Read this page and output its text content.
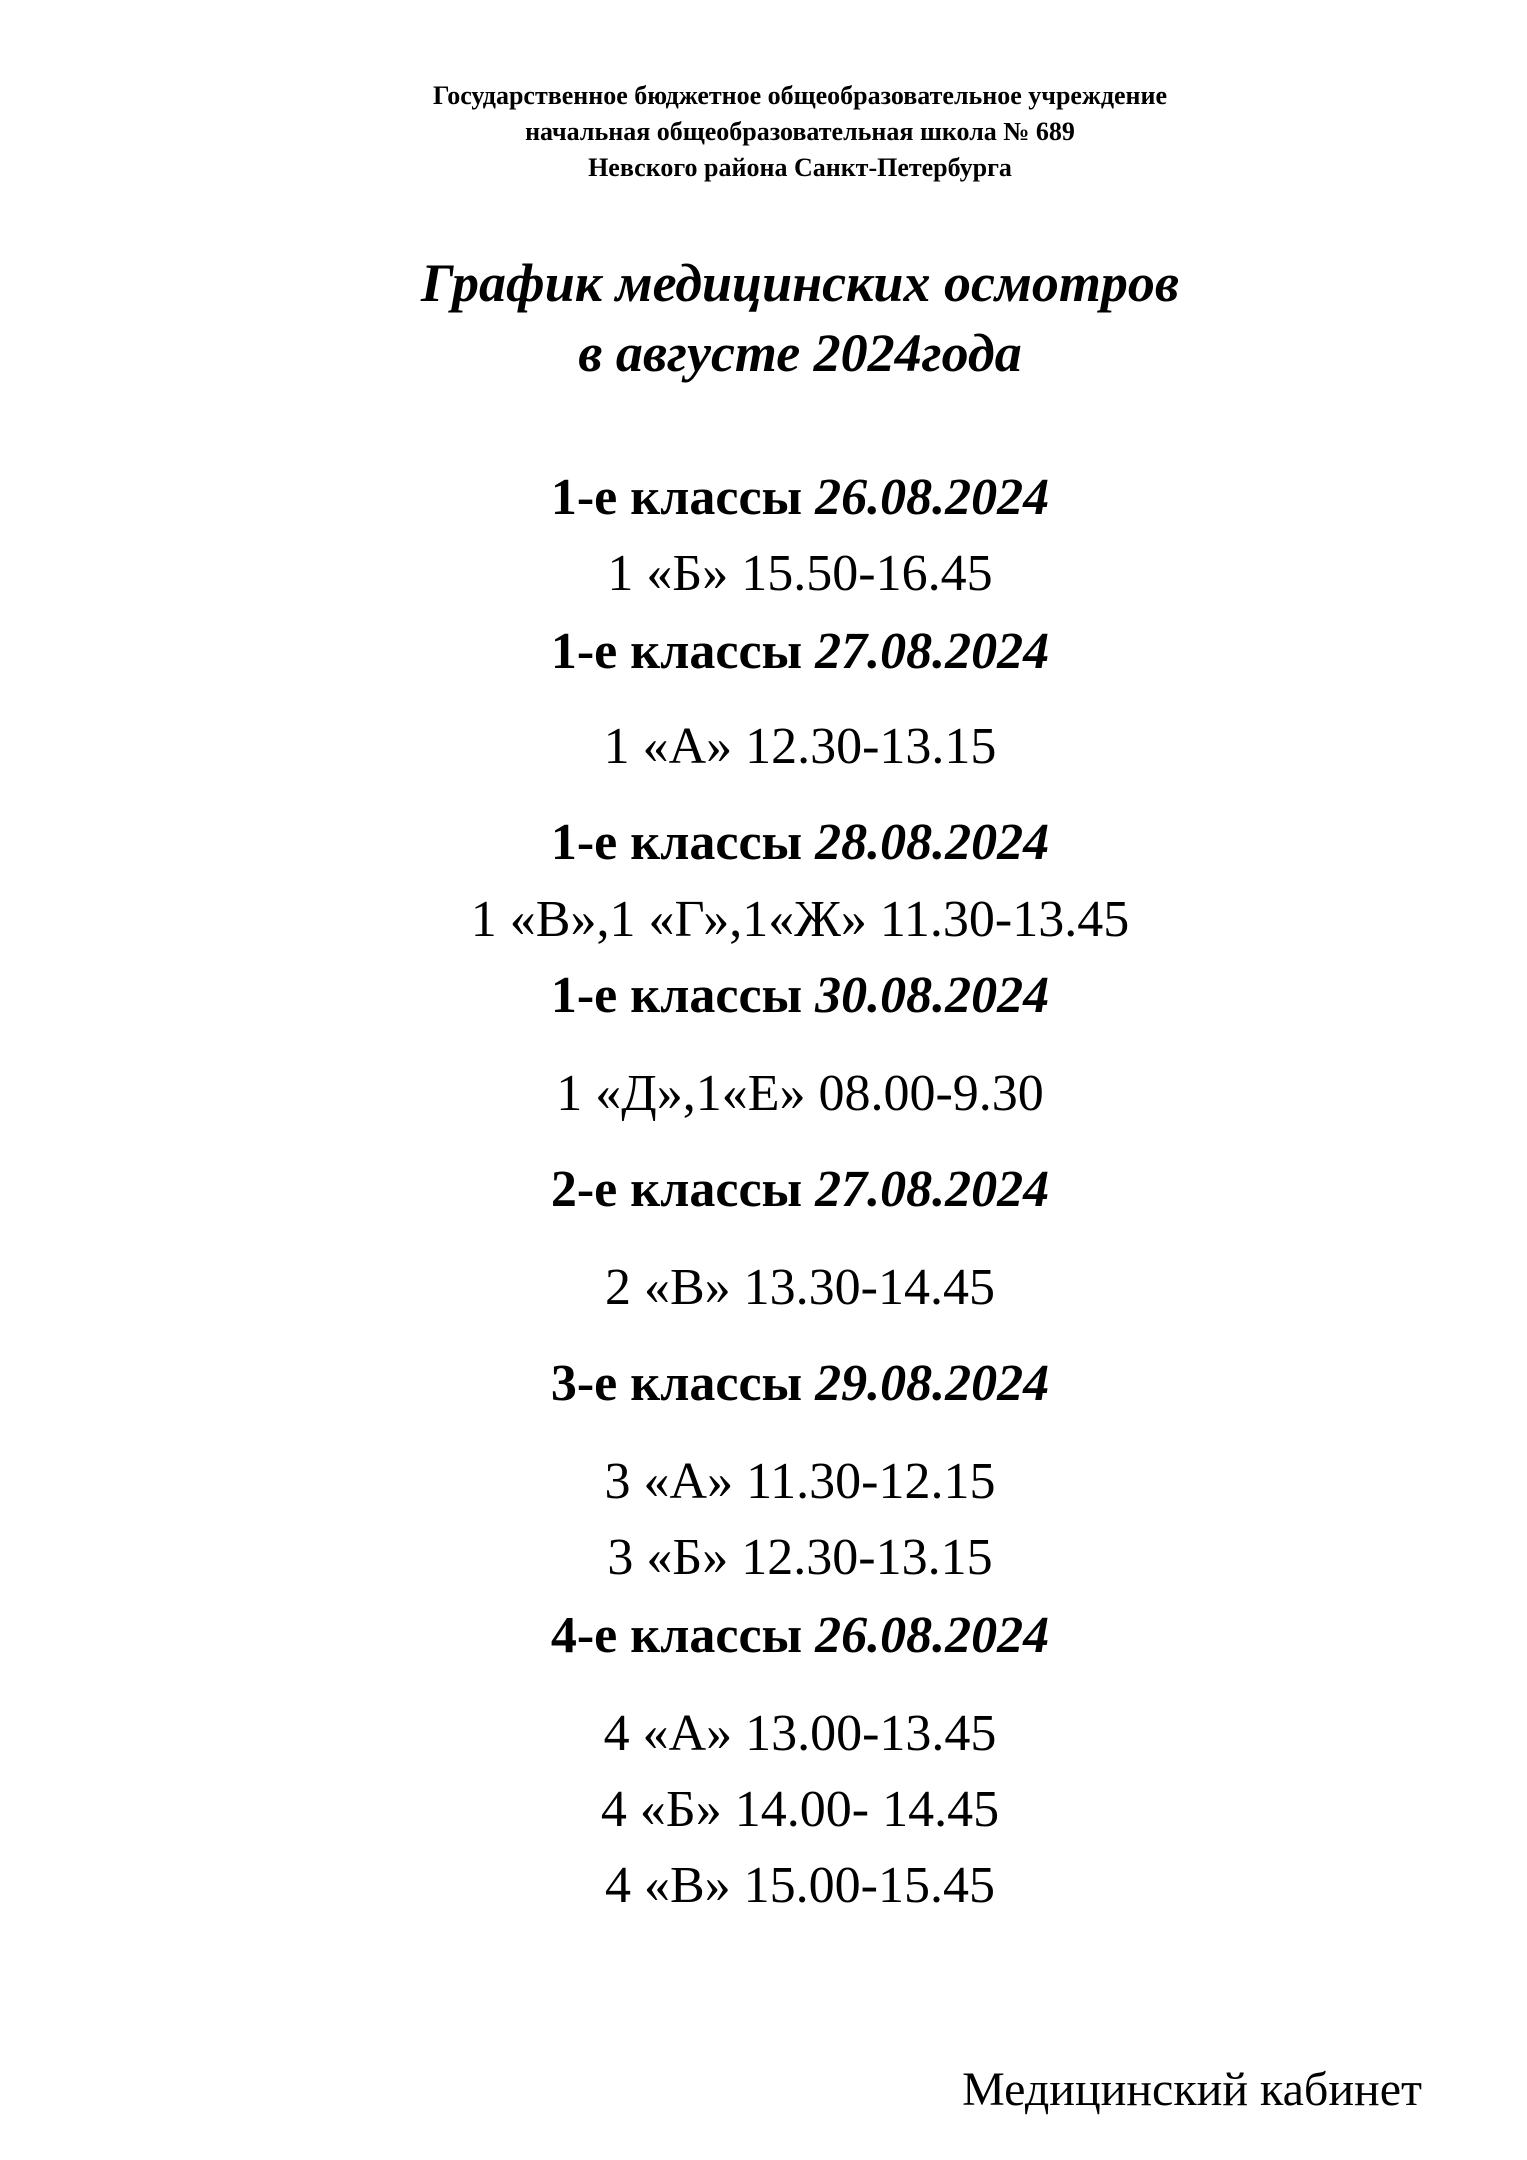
Государственное бюджетное общеобразовательное учреждение
начальная общеобразовательная школа № 689
Невского района Санкт-Петербурга
График медицинских осмотров
в августе 2024года
1-е классы 26.08.2024
1 «Б» 15.50-16.45
1-е классы 27.08.2024
1 «А» 12.30-13.15
1-е классы 28.08.2024
1 «В»,1 «Г»,1«Ж» 11.30-13.45
1-е классы 30.08.2024
1 «Д»,1«Е» 08.00-9.30
2-е классы 27.08.2024
2 «В» 13.30-14.45
3-е классы 29.08.2024
3 «А» 11.30-12.15
3 «Б» 12.30-13.15
4-е классы 26.08.2024
4 «А» 13.00-13.45
4 «Б» 14.00- 14.45
4 «В» 15.00-15.45
Медицинский кабинет
